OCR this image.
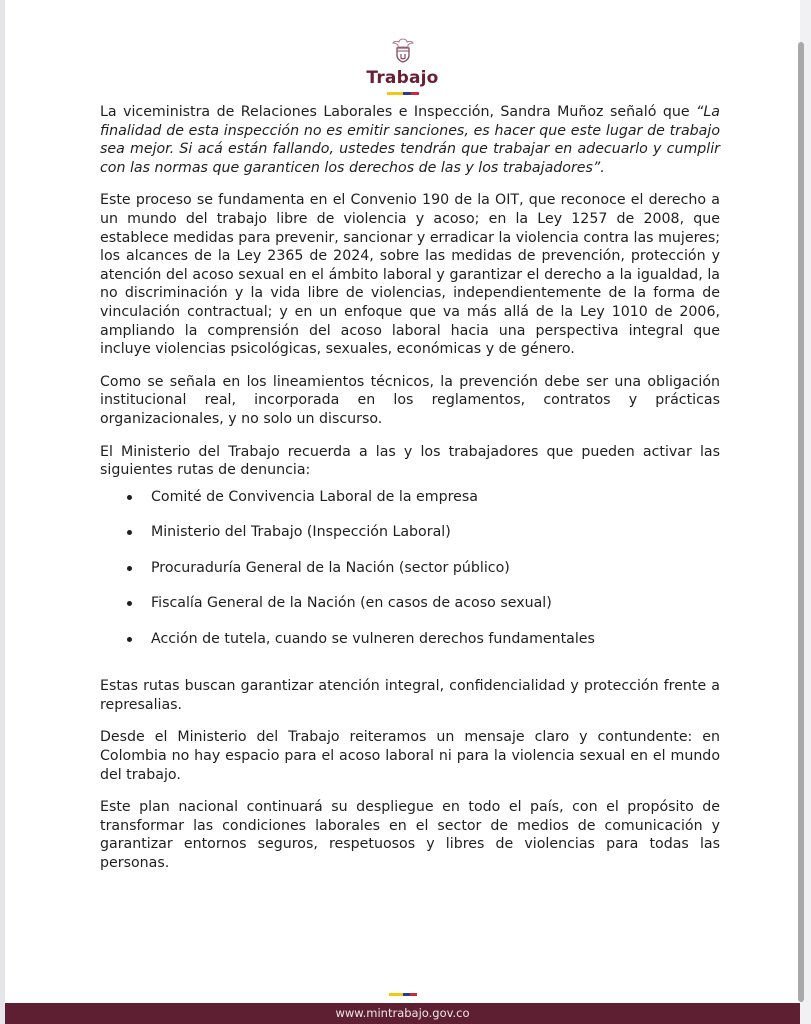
Trabajo

La viceministra de Relaciones Laborales e Inspección, Sandra Muñoz señaló que “La finalidad de esta inspección no es emitir sanciones, es hacer que este lugar de trabajo sea mejor. Si acá están fallando, ustedes tendrán que trabajar en adecuarlo y cumplir con las normas que garanticen los derechos de las y los trabajadores”.

Este proceso se fundamenta en el Convenio 190 de la OIT, que reconoce el derecho a un mundo del trabajo libre de violencia y acoso; en la Ley 1257 de 2008, que establece medidas para prevenir, sancionar y erradicar la violencia contra las mujeres; los alcances de la Ley 2365 de 2024, sobre las medidas de prevención, protección y atención del acoso sexual en el ámbito laboral y garantizar el derecho a la igualdad, la no discriminación y la vida libre de violencias, independientemente de la forma de vinculación contractual; y en un enfoque que va más allá de la Ley 1010 de 2006, ampliando la comprensión del acoso laboral hacia una perspectiva integral que incluye violencias psicológicas, sexuales, económicas y de género.

Como se señala en los lineamientos técnicos, la prevención debe ser una obligación institucional real, incorporada en los reglamentos, contratos y prácticas organizacionales, y no solo un discurso.

El Ministerio del Trabajo recuerda a las y los trabajadores que pueden activar las siguientes rutas de denuncia:

Comité de Convivencia Laboral de la empresa
Ministerio del Trabajo (Inspección Laboral)
Procuraduría General de la Nación (sector público)
Fiscalía General de la Nación (en casos de acoso sexual)
Acción de tutela, cuando se vulneren derechos fundamentales

Estas rutas buscan garantizar atención integral, confidencialidad y protección frente a represalias.

Desde el Ministerio del Trabajo reiteramos un mensaje claro y contundente: en Colombia no hay espacio para el acoso laboral ni para la violencia sexual en el mundo del trabajo.

Este plan nacional continuará su despliegue en todo el país, con el propósito de transformar las condiciones laborales en el sector de medios de comunicación y garantizar entornos seguros, respetuosos y libres de violencias para todas las personas.

www.mintrabajo.gov.co
